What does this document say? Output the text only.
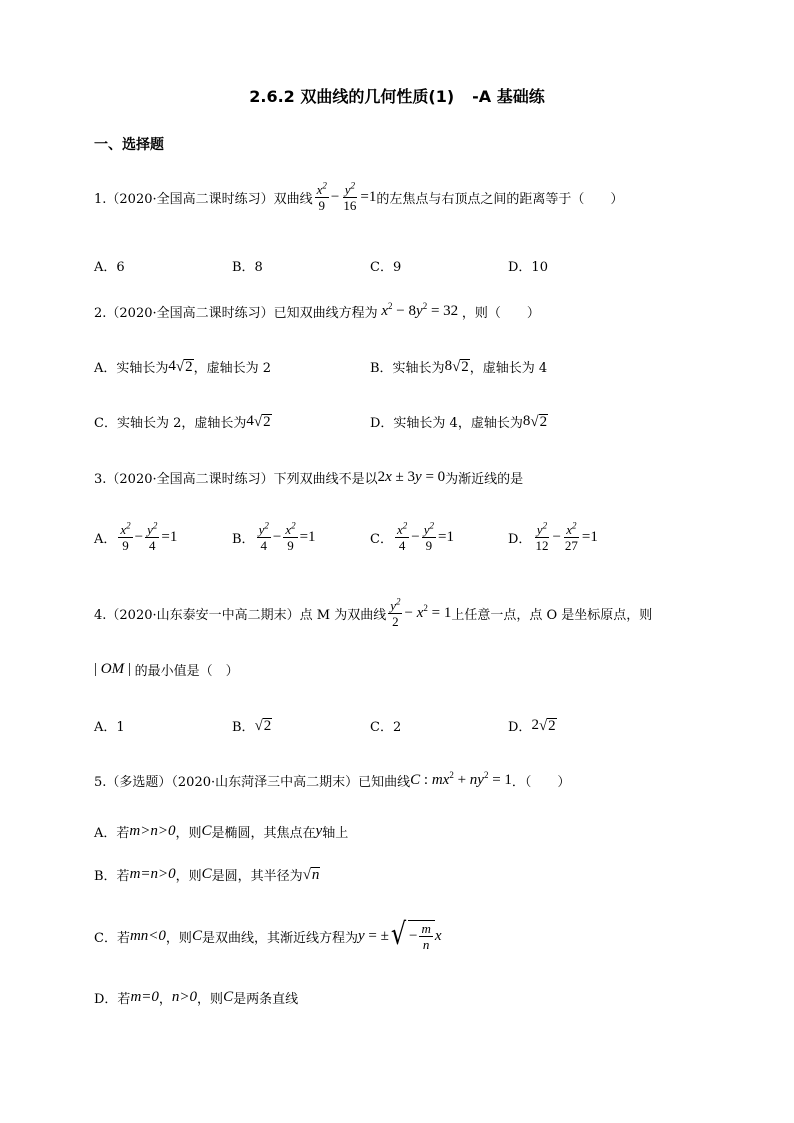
2.6.2 双曲线的几何性质(1) -A 基础练
一、选择题
1.（2020·全国高二课时练习）双曲线 $\frac{x^2}{9} - \frac{y^2}{16} =1$ 的左焦点与右顶点之间的距离等于（　　）
A．6	B．8	C．9	D．10
2.（2020·全国高二课时练习）已知双曲线方程为 $x^2 - 8y^2 = 32$ ，则（　　）
A．实轴长为 4 √ 2 ，虚轴长为 2	B．实轴长为 8 √ 2 ，虚轴长为 4
C．实轴长为 2，虚轴长为 4 √ 2	D．实轴长为 4，虚轴长为 8 √ 2
3.（2020·全国高二课时练习）下列双曲线不是以 2x ± 3y = 0 为渐近线的是
A． $\frac{x^2}{9} - \frac{y^2}{4} =1$	B． $\frac{y^2}{4} - \frac{x^2}{9} =1$	C． $\frac{x^2}{4} - \frac{y^2}{9} =1$	D． $\frac{y^2}{12} - \frac{x^2}{27} =1$
4.（2020·山东泰安一中高二期末）点 M 为双曲线 $\frac{y^2}{2} - x^2 = 1$ 上任意一点，点 O 是坐标原点，则
| OM | 的最小值是（　）
A．1	B． √ 2	C．2	D． 2 √ 2
5.（多选题）（2020·山东菏泽三中高二期末）已知曲线 C : $mx^2 + ny^2 = 1$ ．（　　）
A．若 m>n>0 ，则 C 是椭圆，其焦点在 y 轴上
B．若 m=n>0 ，则 C 是圆，其半径为 √ n
C．若 mn<0 ，则 C 是双曲线，其渐近线方程为 y = ± √ − $\frac{m}{n}$ x
D．若 m=0 ， n>0 ，则 C 是两条直线
